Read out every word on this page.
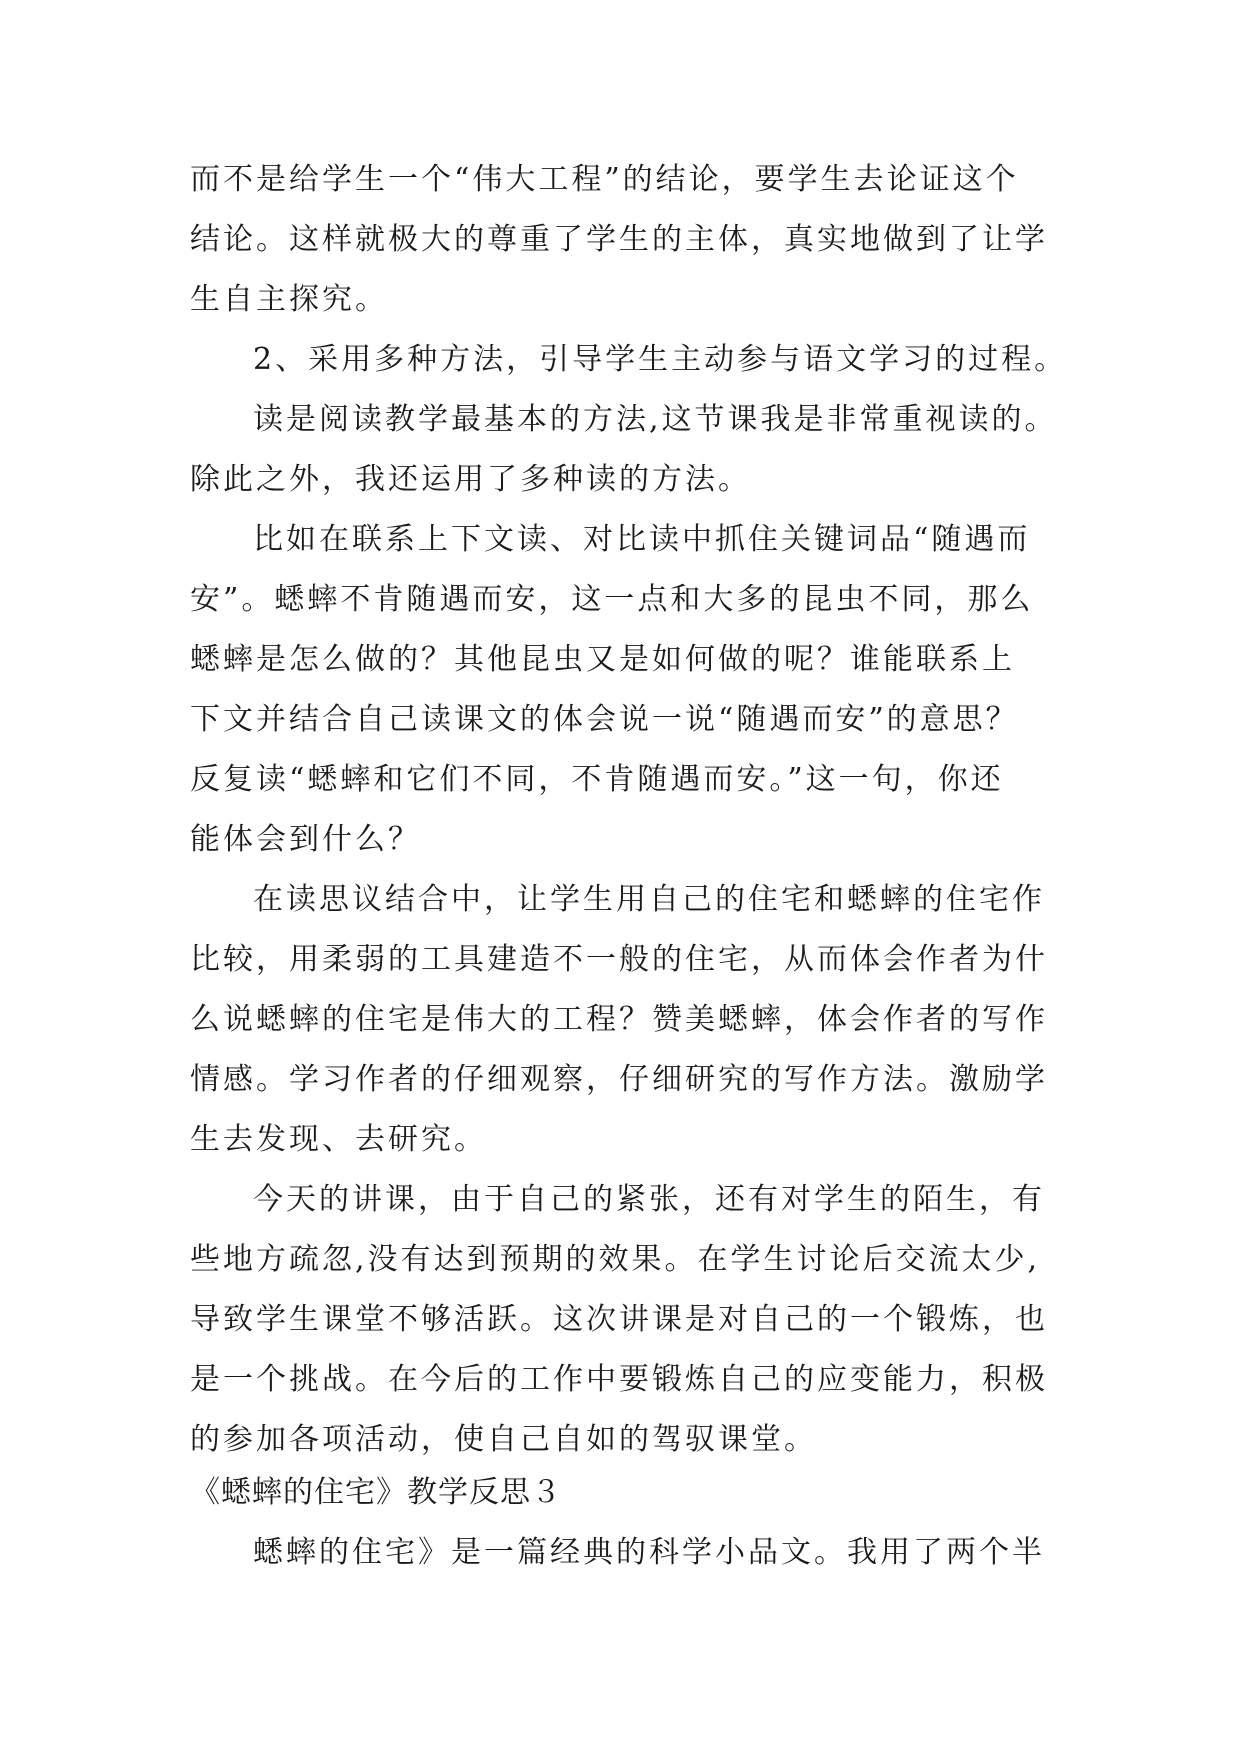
而不是给学生一个“伟大工程”的结论，要学生去论证这个
结论。这样就极大的尊重了学生的主体，真实地做到了让学
生自主探究。
2、采用多种方法，引导学生主动参与语文学习的过程。
读是阅读教学最基本的方法,这节课我是非常重视读的。
除此之外，我还运用了多种读的方法。
比如在联系上下文读、对比读中抓住关键词品“随遇而
安”。蟋蟀不肯随遇而安，这一点和大多的昆虫不同，那么
蟋蟀是怎么做的？其他昆虫又是如何做的呢？谁能联系上
下文并结合自己读课文的体会说一说“随遇而安”的意思？
反复读“蟋蟀和它们不同，不肯随遇而安。”这一句，你还
能体会到什么？
在读思议结合中，让学生用自己的住宅和蟋蟀的住宅作
比较，用柔弱的工具建造不一般的住宅，从而体会作者为什
么说蟋蟀的住宅是伟大的工程？赞美蟋蟀，体会作者的写作
情感。学习作者的仔细观察，仔细研究的写作方法。激励学
生去发现、去研究。
今天的讲课，由于自己的紧张，还有对学生的陌生，有
些地方疏忽,没有达到预期的效果。在学生讨论后交流太少,
导致学生课堂不够活跃。这次讲课是对自己的一个锻炼，也
是一个挑战。在今后的工作中要锻炼自己的应变能力，积极
的参加各项活动，使自己自如的驾驭课堂。
《蟋蟀的住宅》教学反思３
蟋蟀的住宅》是一篇经典的科学小品文。我用了两个半
